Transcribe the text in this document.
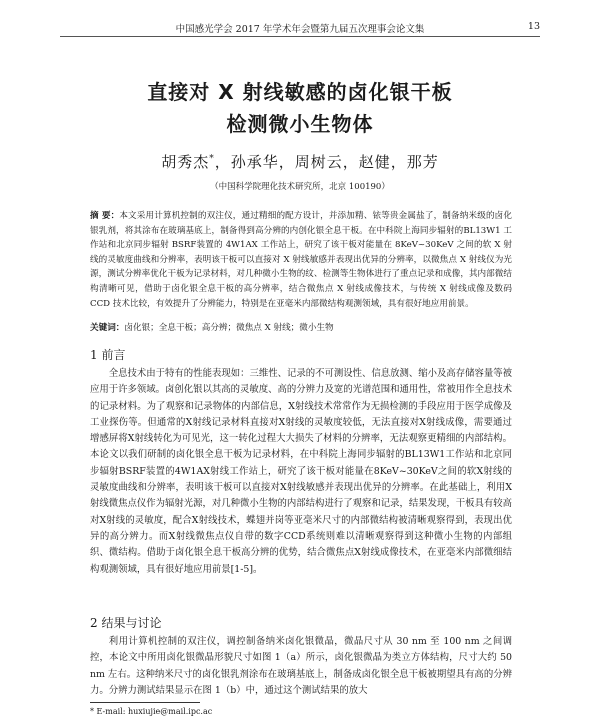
中国感光学会 2017 年学术年会暨第九届五次理事会论文集	13
直接对 X 射线敏感的卤化银干板
检测微小生物体
胡秀杰*，孙承华，周树云，赵健，那芳
（中国科学院理化技术研究所，北京 100190）
摘 要：本文采用计算机控制的双注仪，通过精细的配方设计，并添加精、铱等贵金属盐了，制备纳米级的卤化银乳剂，将其涂布在玻璃基底上，制备得到高分辨的内创化银全息干板。在中科院上海同步辐射的BL13W1 工作站和北京同步辐射 BSRF装置的 4W1AX 工作站上，研究了该干板对能量在 8KeV~30KeV 之间的软 X 射线的灵敏度曲线和分辨率，表明该干板可以直接对 X 射线敏感并表现出优异的分辨率，以微焦点 X 射线仪为光源，测试分辨率优化干板为记录材料，对几种微小生物的纹、检测等生物体进行了重点记录和成像，其内部微结构清晰可见，借助于卤化银全息干板的高分辨率，结合微焦点 X 射线成像技术，与传统 X 射线成像及数码 CCD 技术比较，有效提升了分辨能力，特别是在亚毫米内部微结构观测领域，具有很好地应用前景。
关键词：卤化银；全息干板；高分辨；微焦点 X 射线；微小生物
1 前言
全息技术由于特有的性能表现如：三维性、记录的不可测设性、信息放测、缩小及高存储容量等被应用于许多领域。卤创化银以其高的灵敏度、高的分辨力及宽的光谱范围和通用性，常被用作全息技术的记录材料。为了观察和记录物体的内部信息，X射线技术常常作为无损检测的手段应用于医学成像及工业探伤等。但通常的X射线记录材料直接对X射线的灵敏度较低，无法直接对X射线成像，需要通过增感屏将X射线转化为可见光，这一转化过程大大损失了材料的分辨率，无法观察更精细的内部结构。本论文以我们研制的卤化银全息干板为记录材料，在中科院上海同步辐射的BL13W1工作站和北京同步辐射BSRF装置的4W1AX射线工作站上，研究了该干板对能量在8KeV~30KeV之间的软X射线的灵敏度曲线和分辨率，表明该干板可以直接对X射线敏感并表现出优异的分辨率。在此基础上，利用X射线微焦点仪作为辐射光源，对几种微小生物的内部结构进行了观察和记录，结果发现，干板具有较高对X射线的灵敏度，配合X射线技术，蝶翅并岗等亚毫米尺寸的内部微结构被清晰观察得到，表现出优异的高分辨力。而X射线微焦点仪自带的数字CCD系统则难以清晰观察得到这种微小生物的内部组织、微结构。借助于卤化银全息干板高分辨的优势，结合微焦点X射线成像技术，在亚毫米内部微细结构观测领域，具有很好地应用前景[1-5]。
2 结果与讨论
利用计算机控制的双注仪，调控制备纳米卤化银微晶，微晶尺寸从 30 nm 至 100 nm 之间调控，本论文中所用卤化银微晶形貌尺寸如图 1（a）所示，卤化银微晶为类立方体结构，尺寸大约 50 nm 左右。这种纳米尺寸的卤化银乳剂涂布在玻璃基底上，制备成卤化银全息干板被期望具有高的分辨力。分辨力测试结果显示在图 1（b）中，通过这个测试结果的放大
* E-mail: huxiujie@mail.ipc.ac
